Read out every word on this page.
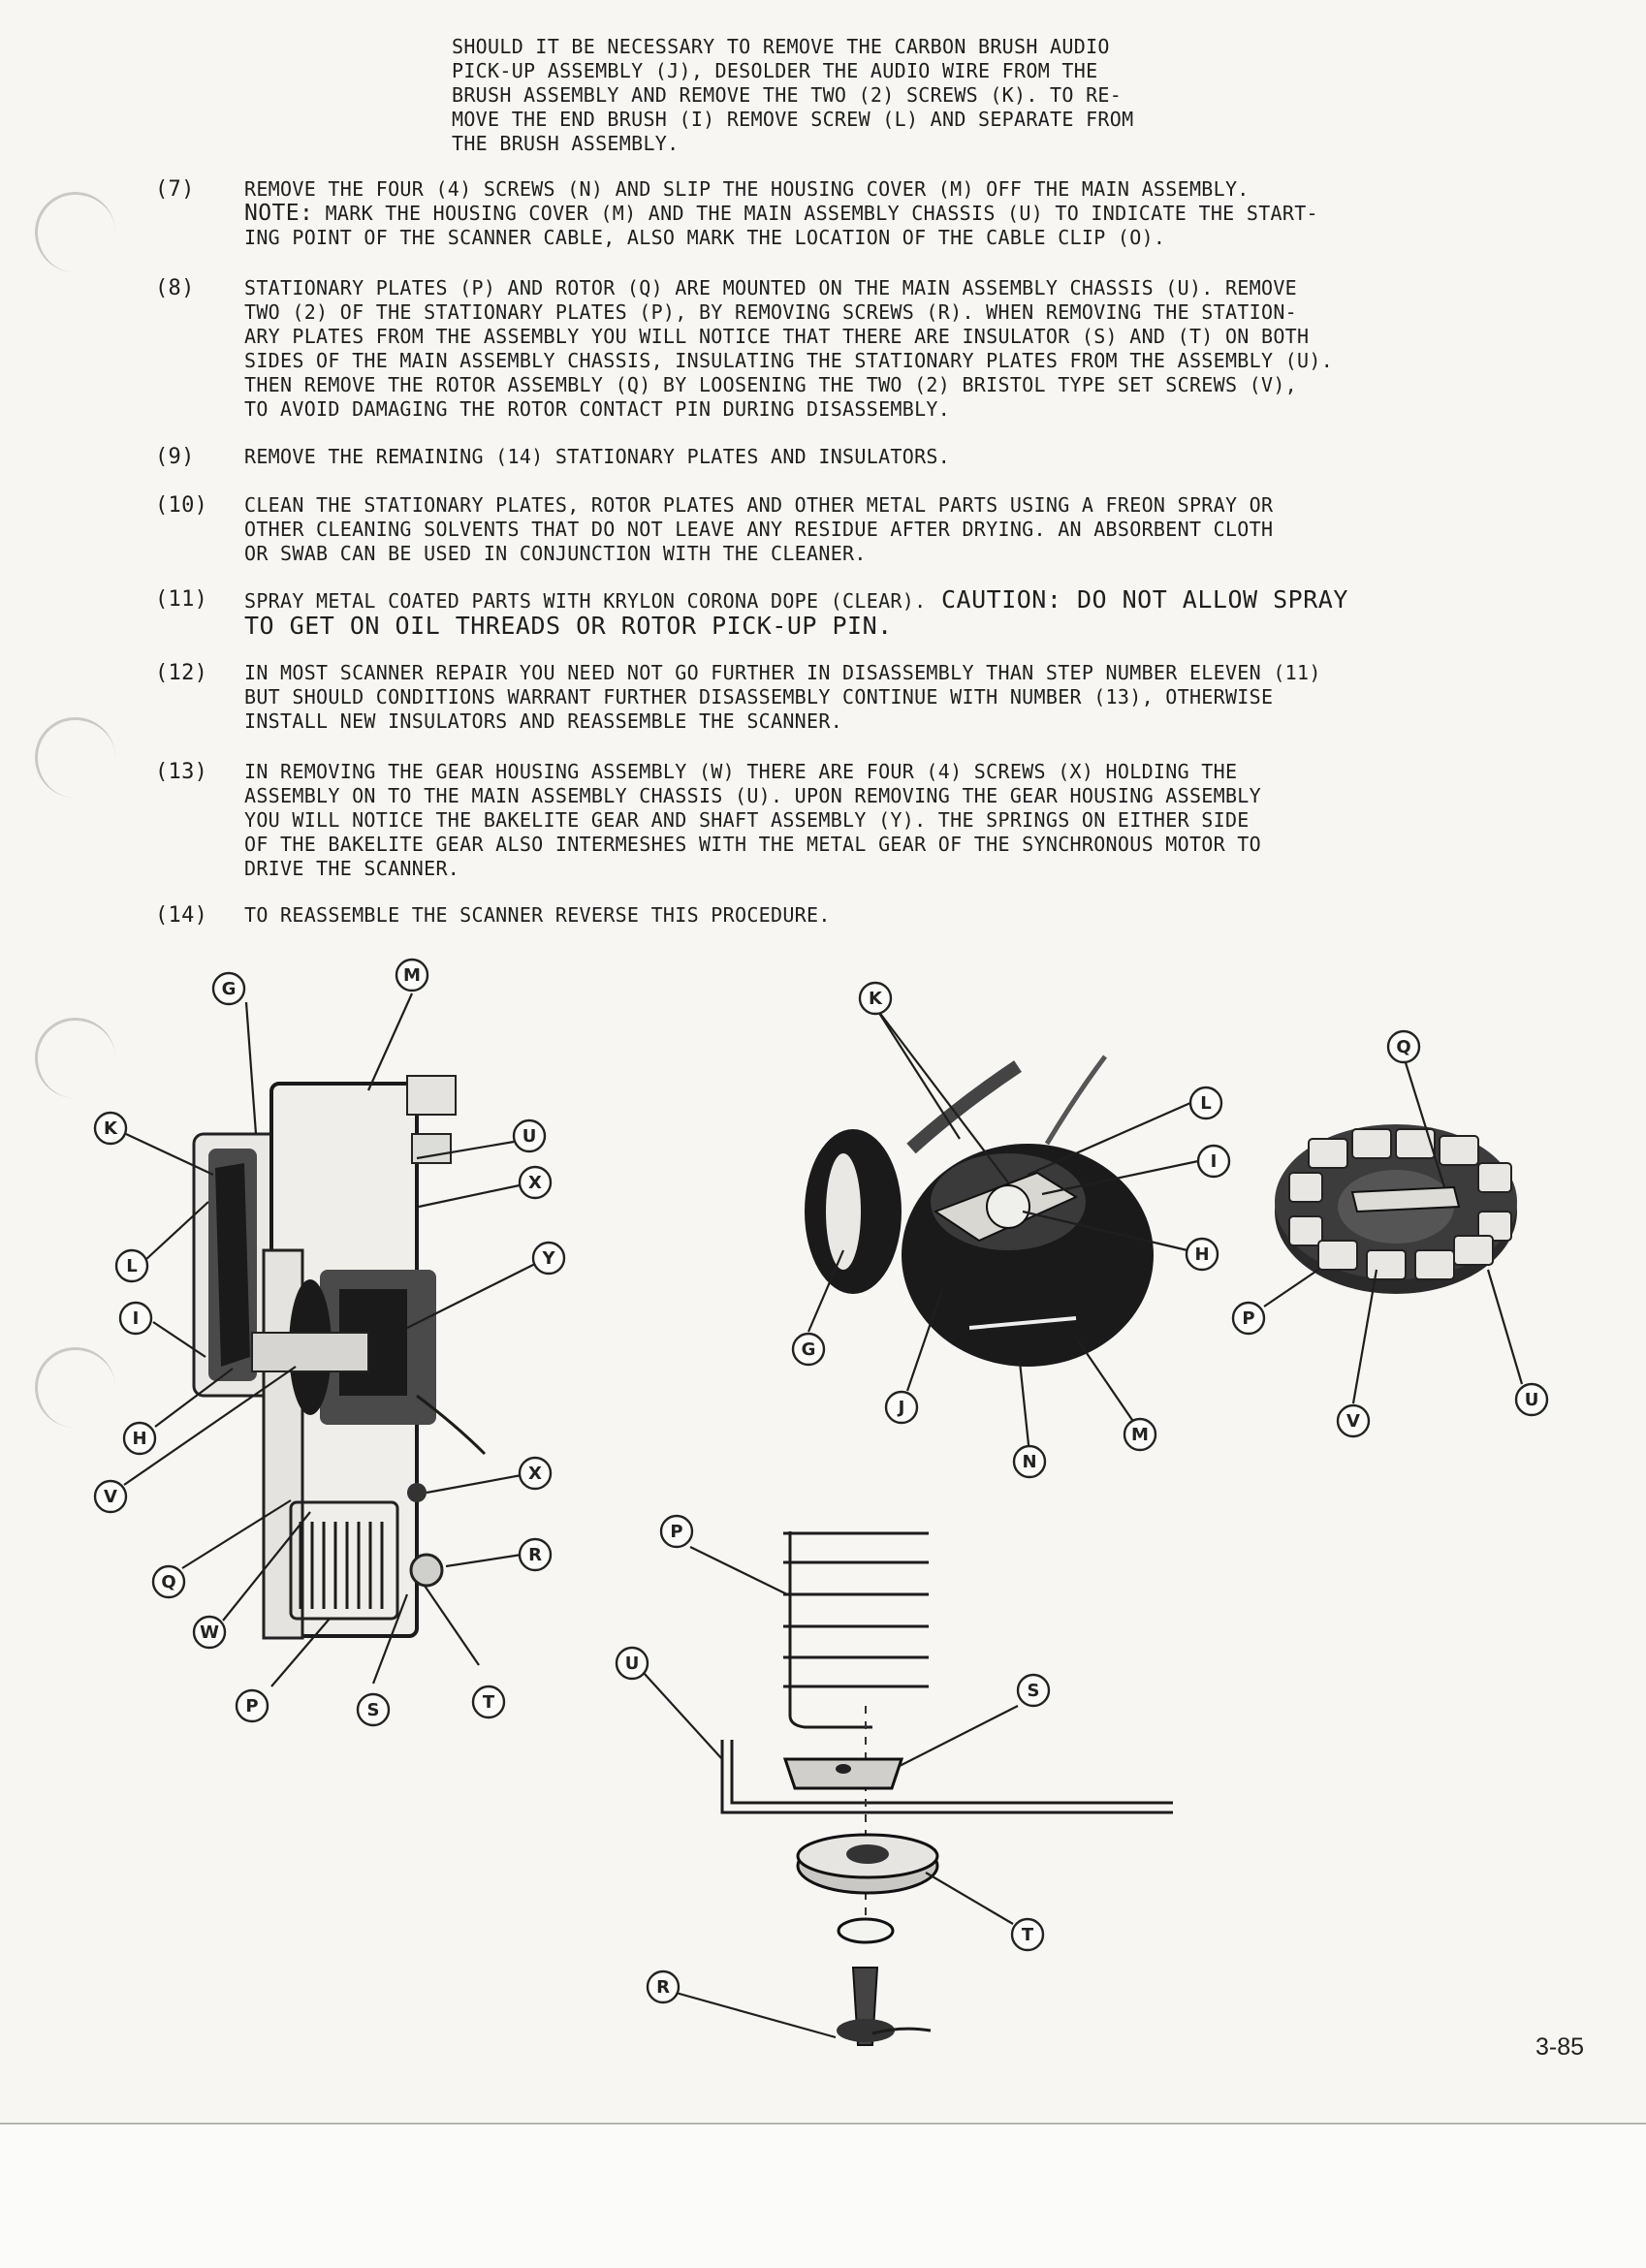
SHOULD IT BE NECESSARY TO REMOVE THE CARBON BRUSH AUDIO
PICK-UP ASSEMBLY (J), DESOLDER THE AUDIO WIRE FROM THE
BRUSH ASSEMBLY AND REMOVE THE TWO (2) SCREWS (K). TO RE-
MOVE THE END BRUSH (I) REMOVE SCREW (L) AND SEPARATE FROM
THE BRUSH ASSEMBLY.
(7)	REMOVE THE FOUR (4) SCREWS (N) AND SLIP THE HOUSING COVER (M) OFF THE MAIN ASSEMBLY.
NOTE: MARK THE HOUSING COVER (M) AND THE MAIN ASSEMBLY CHASSIS (U) TO INDICATE THE START-
ING POINT OF THE SCANNER CABLE, ALSO MARK THE LOCATION OF THE CABLE CLIP (O).
(8)	STATIONARY PLATES (P) AND ROTOR (Q) ARE MOUNTED ON THE MAIN ASSEMBLY CHASSIS (U). REMOVE
TWO (2) OF THE STATIONARY PLATES (P), BY REMOVING SCREWS (R). WHEN REMOVING THE STATION-
ARY PLATES FROM THE ASSEMBLY YOU WILL NOTICE THAT THERE ARE INSULATOR (S) AND (T) ON BOTH
SIDES OF THE MAIN ASSEMBLY CHASSIS, INSULATING THE STATIONARY PLATES FROM THE ASSEMBLY (U).
THEN REMOVE THE ROTOR ASSEMBLY (Q) BY LOOSENING THE TWO (2) BRISTOL TYPE SET SCREWS (V),
TO AVOID DAMAGING THE ROTOR CONTACT PIN DURING DISASSEMBLY.
(9)	REMOVE THE REMAINING (14) STATIONARY PLATES AND INSULATORS.
(10)	CLEAN THE STATIONARY PLATES, ROTOR PLATES AND OTHER METAL PARTS USING A FREON SPRAY OR
OTHER CLEANING SOLVENTS THAT DO NOT LEAVE ANY RESIDUE AFTER DRYING. AN ABSORBENT CLOTH
OR SWAB CAN BE USED IN CONJUNCTION WITH THE CLEANER.
(11)	SPRAY METAL COATED PARTS WITH KRYLON CORONA DOPE (CLEAR). CAUTION: DO NOT ALLOW SPRAY
TO GET ON OIL THREADS OR ROTOR PICK-UP PIN.
(12)	IN MOST SCANNER REPAIR YOU NEED NOT GO FURTHER IN DISASSEMBLY THAN STEP NUMBER ELEVEN (11)
BUT SHOULD CONDITIONS WARRANT FURTHER DISASSEMBLY CONTINUE WITH NUMBER (13), OTHERWISE
INSTALL NEW INSULATORS AND REASSEMBLE THE SCANNER.
(13)	IN REMOVING THE GEAR HOUSING ASSEMBLY (W) THERE ARE FOUR (4) SCREWS (X) HOLDING THE
ASSEMBLY ON TO THE MAIN ASSEMBLY CHASSIS (U). UPON REMOVING THE GEAR HOUSING ASSEMBLY
YOU WILL NOTICE THE BAKELITE GEAR AND SHAFT ASSEMBLY (Y). THE SPRINGS ON EITHER SIDE
OF THE BAKELITE GEAR ALSO INTERMESHES WITH THE METAL GEAR OF THE SYNCHRONOUS MOTOR TO
DRIVE THE SCANNER.
(14)	TO REASSEMBLE THE SCANNER REVERSE THIS PROCEDURE.
G
M
K	U
X
L	Y
I
H
V
X
R
Q
W
P	S	T
K
L
I
H
G
J
M
N
Q
P
V
U
P
U
S
T
R
3-85
